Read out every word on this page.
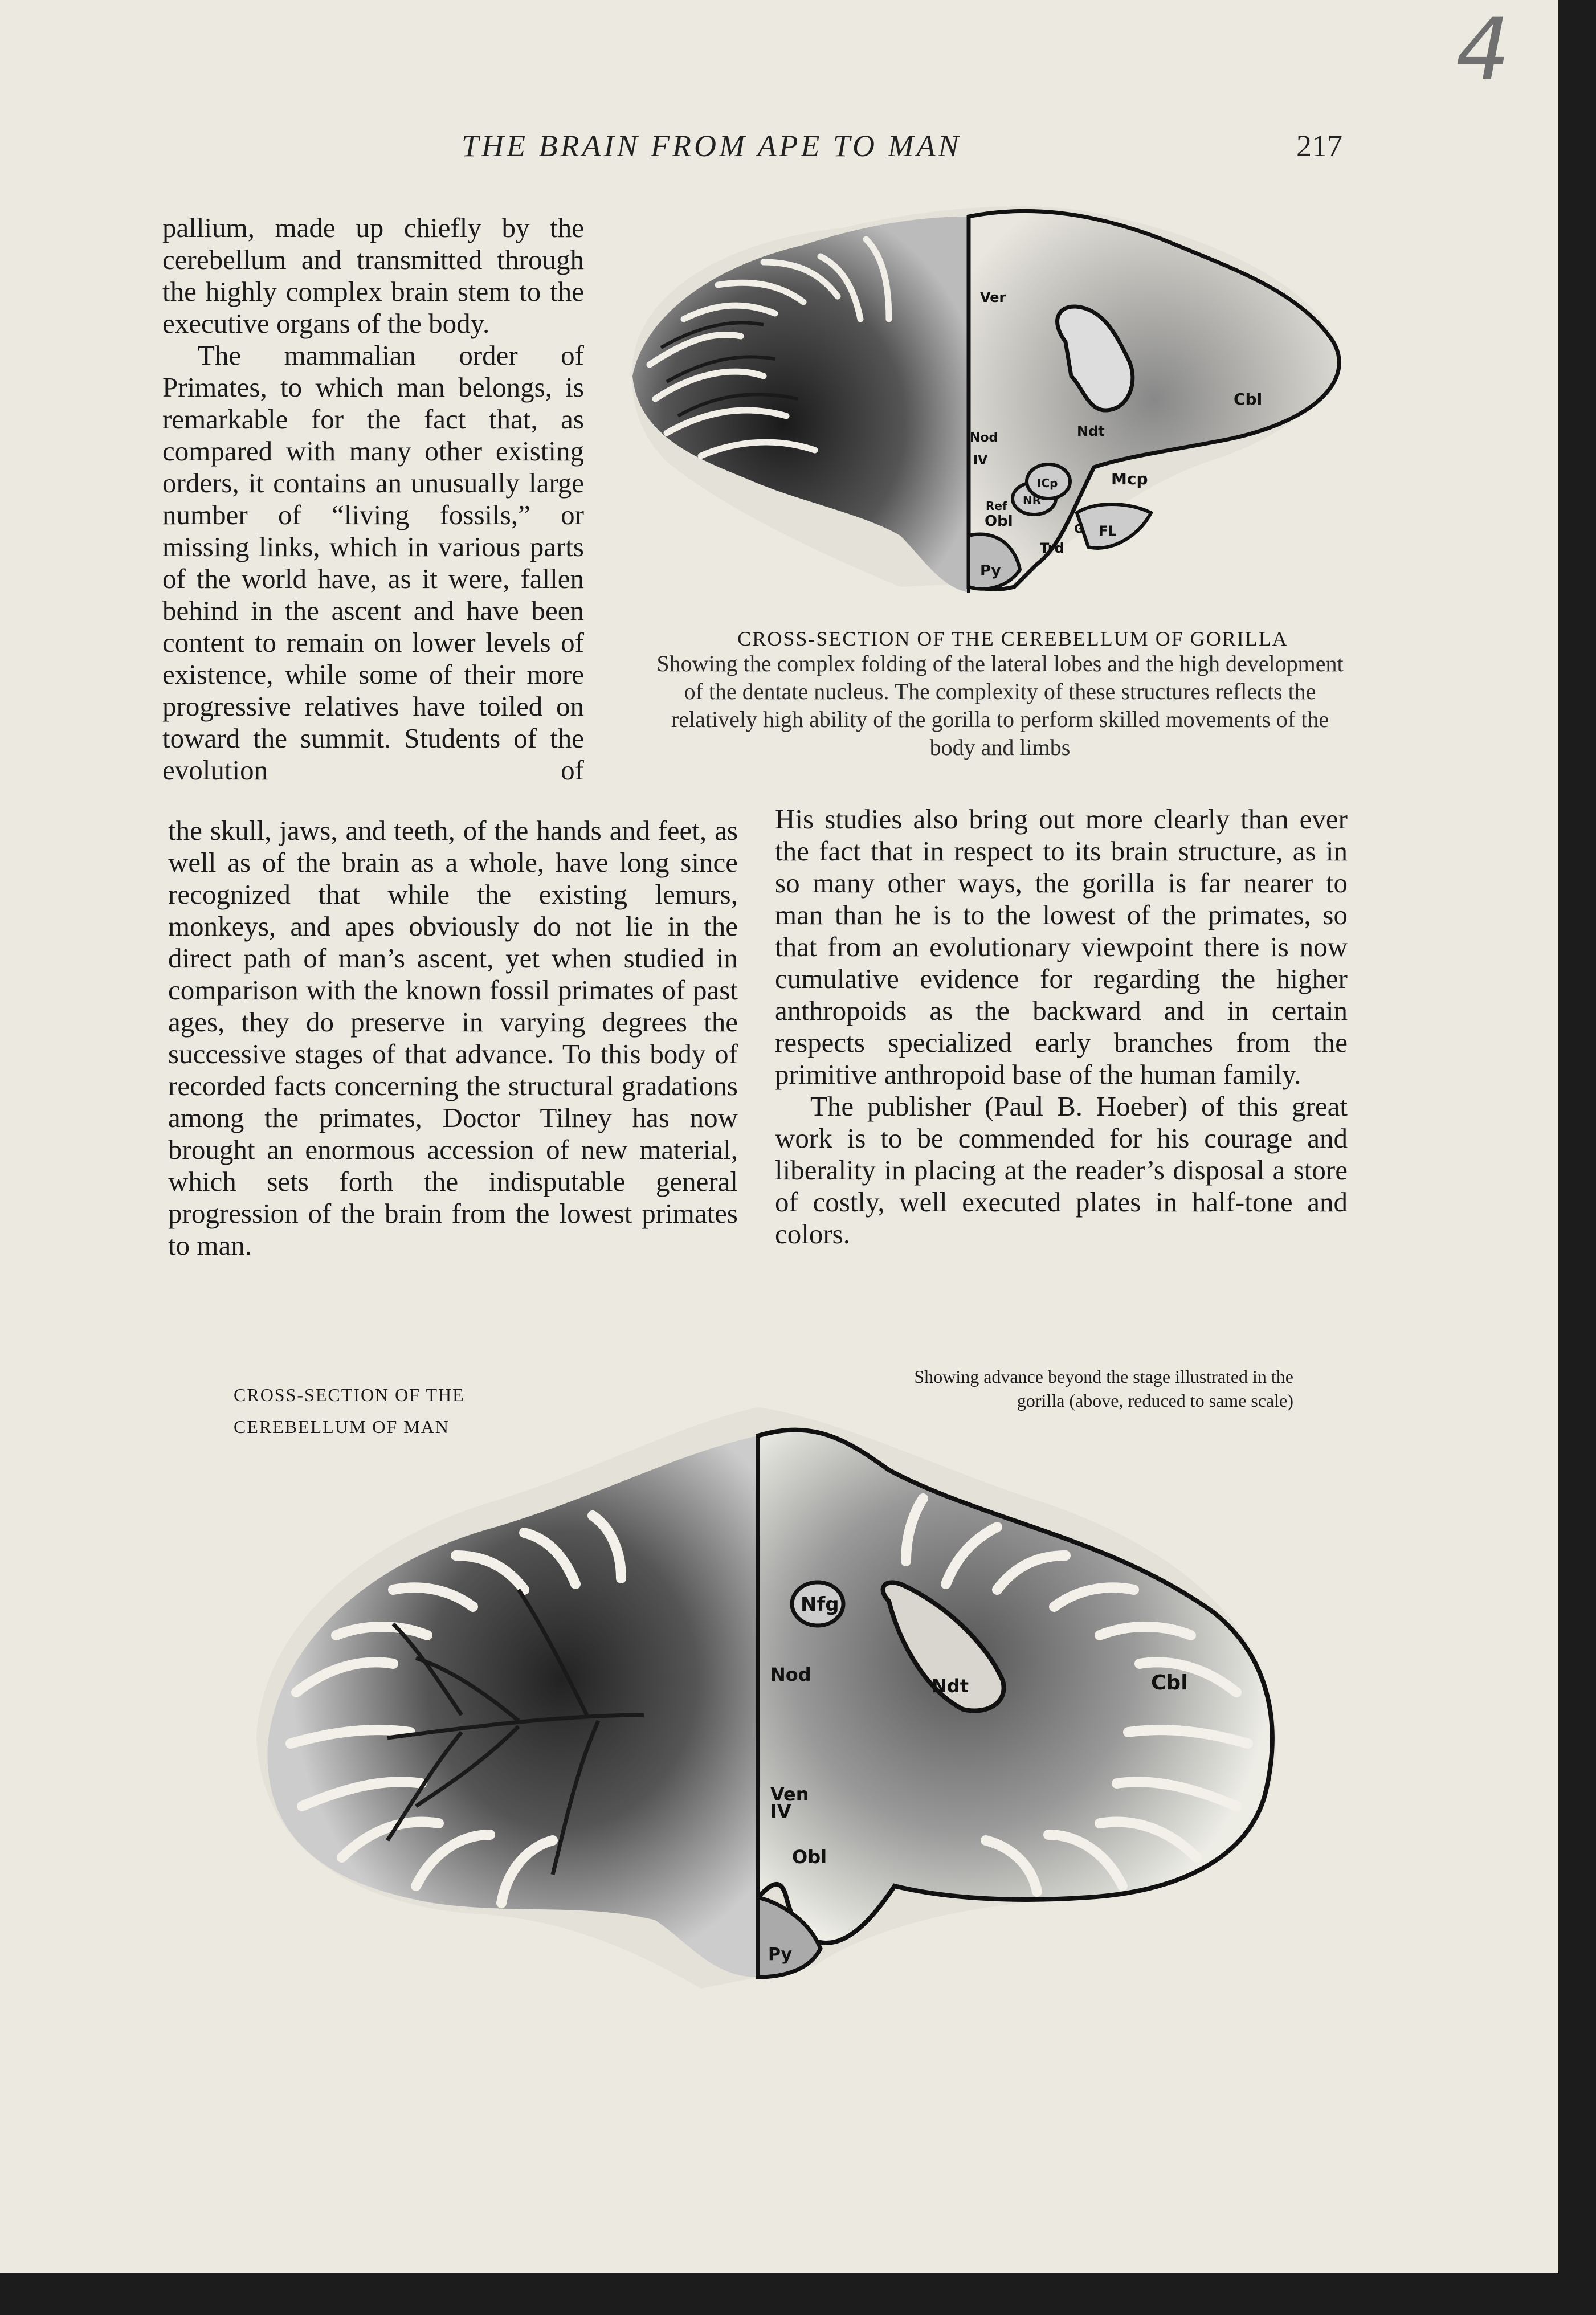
4
THE BRAIN FROM APE TO MAN	217

pallium, made up chiefly by the cerebellum and transmitted through the highly complex brain stem to the executive organs of the body.

The mammalian order of Primates, to which man belongs, is remarkable for the fact that, as compared with many other existing orders, it contains an unusually large number of “living fossils,” or missing links, which in various parts of the world have, as it were, fallen behind in the ascent and have been content to remain on lower levels of existence, while some of their more progressive relatives have toiled on toward the summit. Students of the evolution of

the skull, jaws, and teeth, of the hands and feet, as well as of the brain as a whole, have long since recognized that while the existing lemurs, monkeys, and apes obviously do not lie in the direct path of man’s ascent, yet when studied in comparison with the known fossil primates of past ages, they do preserve in varying degrees the successive stages of that advance. To this body of recorded facts concerning the structural gradations among the primates, Doctor Tilney has now brought an enormous accession of new material, which sets forth the indisputable general progression of the brain from the lowest primates to man.

His studies also bring out more clearly than ever the fact that in respect to its brain structure, as in so many other ways, the gorilla is far nearer to man than he is to the lowest of the primates, so that from an evolutionary viewpoint there is now cumulative evidence for regarding the higher anthropoids as the backward and in certain respects specialized early branches from the primitive anthropoid base of the human family.

The publisher (Paul B. Hoeber) of this great work is to be commended for his courage and liberality in placing at the reader’s disposal a store of costly, well executed plates in half-tone and colors.

Ver
Cbl
Ndt
Nod
IV
Mcp
ICp
NR
Ref
Obl
Trd
FL
G
Py
CROSS-SECTION OF THE CEREBELLUM OF GORILLA
Showing the complex folding of the lateral lobes and the high development of the dentate nucleus. The complexity of these structures reflects the relatively high ability of the gorilla to perform skilled movements of the body and limbs
CROSS-SECTION OF THE CEREBELLUM OF MAN
Showing advance beyond the stage illustrated in the gorilla (above, reduced to same scale)
Nfg
Nod
Ndt	Cbl
Ven
IV
Obl
Py
